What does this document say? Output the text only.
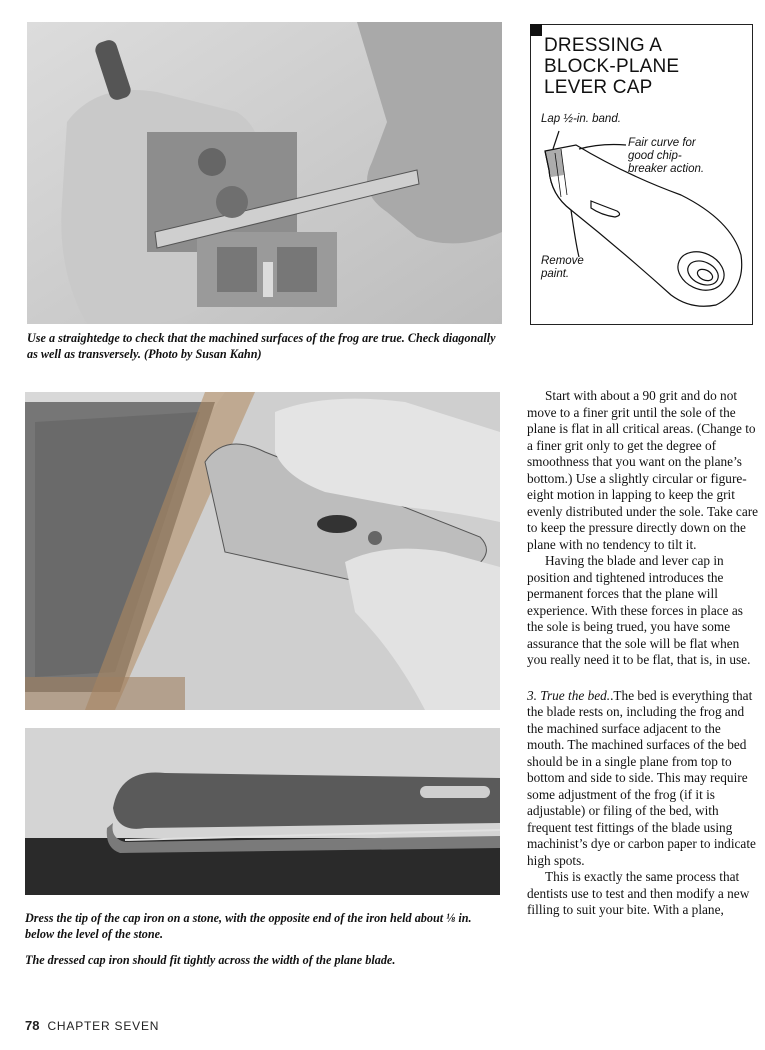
Use a straightedge to check that the machined surfaces of the frog are true. Check diagonally as well as transversely. (Photo by Susan Kahn)
DRESSING A
BLOCK-PLANE
LEVER CAP
Lap ½-in. band.
Fair curve for
good chip-
breaker action.
Remove
paint.
Dress the tip of the cap iron on a stone, with the opposite end of the iron held about ⅛ in. below the level of the stone.
The dressed cap iron should fit tightly across the width of the plane blade.

Start with about a 90 grit and do not move to a finer grit until the sole of the plane is flat in all critical areas. (Change to a finer grit only to get the degree of smoothness that you want on the plane’s bottom.) Use a slightly circular or figure-eight motion in lapping to keep the grit evenly distributed under the sole. Take care to keep the pressure directly down on the plane with no tendency to tilt it.

Having the blade and lever cap in position and tightened introduces the permanent forces that the plane will experience. With these forces in place as the sole is being trued, you have some assurance that the sole will be flat when you really need it to be flat, that is, in use.

3. True the bed..The bed is everything that the blade rests on, including the frog and the machined surface adjacent to the mouth. The machined surfaces of the bed should be in a single plane from top to bottom and side to side. This may require some adjustment of the frog (if it is adjustable) or filing of the bed, with frequent test fittings of the blade using machinist’s dye or carbon paper to indicate high spots.

This is exactly the same process that dentists use to test and then modify a new filling to suit your bite. With a plane,

78 CHAPTER SEVEN
